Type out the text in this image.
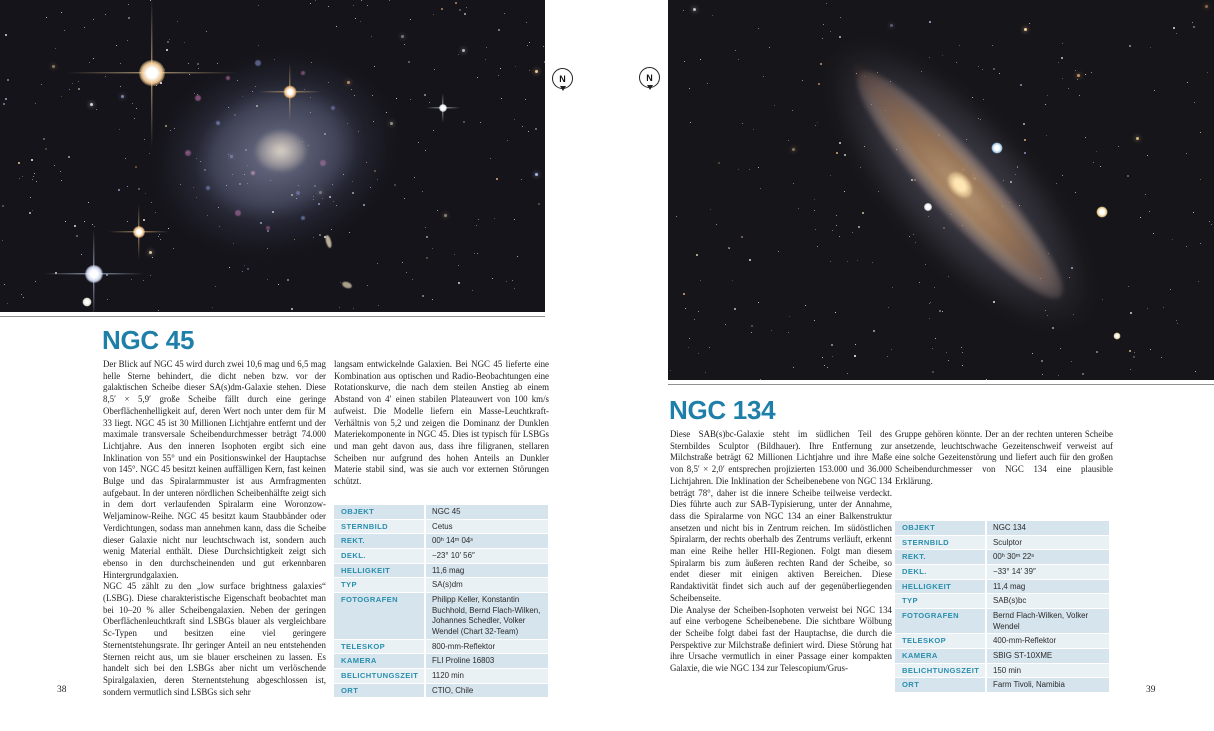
N	N
NGC 45

Der Blick auf NGC 45 wird durch zwei 10,6 mag und 6,5 mag helle Sterne behindert, die dicht neben bzw. vor der galaktischen Scheibe dieser SA(s)dm-Galaxie stehen. Diese 8,5′ × 5,9′ große Scheibe fällt durch eine geringe Oberflächenhelligkeit auf, deren Wert noch unter dem für M 33 liegt. NGC 45 ist 30 Millionen Lichtjahre entfernt und der maximale transversale Scheibendurchmesser beträgt 74.000 Lichtjahre. Aus den inneren Isophoten ergibt sich eine Inklination von 55° und ein Positionswinkel der Hauptachse von 145°. NGC 45 besitzt keinen auffälligen Kern, fast keinen Bulge und das Spiralarmmuster ist aus Armfragmenten aufgebaut. In der unteren nördlichen Scheibenhälfte zeigt sich in dem dort verlaufenden Spiralarm eine Woronzow-Weljaminow-Reihe. NGC 45 besitzt kaum Staubbänder oder Verdichtungen, sodass man annehmen kann, dass die Scheibe dieser Galaxie nicht nur leuchtschwach ist, sondern auch wenig Material enthält. Diese Durchsichtigkeit zeigt sich ebenso in den durchscheinenden und gut erkennbaren Hintergrundgalaxien.

NGC 45 zählt zu den „low surface brightness galaxies“ (LSBG). Diese charakteristische Eigenschaft beobachtet man bei 10–20 % aller Scheibengalaxien. Neben der geringen Oberflächenleuchtkraft sind LSBGs blauer als vergleichbare Sc-Typen und besitzen eine viel geringere Sternentstehungsrate. Ihr geringer Anteil an neu entstehenden Sternen reicht aus, um sie blauer erscheinen zu lassen. Es handelt sich bei den LSBGs aber nicht um verlöschende Spiralgalaxien, deren Sternentstehung abgeschlossen ist, sondern vermutlich sind LSBGs sich sehr

langsam entwickelnde Galaxien. Bei NGC 45 lieferte eine Kombination aus optischen und Radio-Beobachtungen eine Rotationskurve, die nach dem steilen Anstieg ab einem Abstand von 4′ einen stabilen Plateauwert von 100 km/s aufweist. Die Modelle liefern ein Masse-Leuchtkraft-Verhältnis von 5,2 und zeigen die Dominanz der Dunklen Materiekomponente in NGC 45. Dies ist typisch für LSBGs und man geht davon aus, dass ihre filigranen, stellaren Scheiben nur aufgrund des hohen Anteils an Dunkler Materie stabil sind, was sie auch vor externen Störungen schützt.

OBJEKT	NGC 45
STERNBILD	Cetus
REKT.	00ʰ 14ᵐ 04ˢ
DEKL.	−23° 10′ 56″
HELLIGKEIT	11,6 mag
TYP	SA(s)dm
FOTOGRAFEN	Philipp Keller, Konstantin Buchhold, Bernd Flach-Wilken, Johannes Schedler, Volker Wendel (Chart 32-Team)
TELESKOP	800-mm-Reflektor
KAMERA	FLI Proline 16803
BELICHTUNGSZEIT	1120 min
ORT	CTIO, Chile
38
NGC 134

Diese SAB(s)bc-Galaxie steht im südlichen Teil des Sternbildes Sculptor (Bildhauer). Ihre Entfernung zur Milchstraße beträgt 62 Millionen Lichtjahre und ihre Maße von 8,5′ × 2,0′ entsprechen projizierten 153.000 und 36.000 Lichtjahren. Die Inklination der Scheibenebene von NGC 134 beträgt 78°, daher ist die innere Scheibe teilweise verdeckt. Dies führte auch zur SAB-Typisierung, unter der Annahme, dass die Spiralarme von NGC 134 an einer Balkenstruktur ansetzen und nicht bis in Zentrum reichen. Im südöstlichen Spiralarm, der rechts oberhalb des Zentrums verläuft, erkennt man eine Reihe heller HII-Regionen. Folgt man diesem Spiralarm bis zum äußeren rechten Rand der Scheibe, so endet dieser mit einigen aktiven Bereichen. Diese Randaktivität findet sich auch auf der gegenüberliegenden Scheibenseite.

Die Analyse der Scheiben-Isophoten verweist bei NGC 134 auf eine verbogene Scheibenebene. Die sichtbare Wölbung der Scheibe folgt dabei fast der Hauptachse, die durch die Perspektive zur Milchstraße definiert wird. Diese Störung hat ihre Ursache vermutlich in einer Passage einer kompakten Galaxie, die wie NGC 134 zur Telescopium/Grus-

Gruppe gehören könnte. Der an der rechten unteren Scheibe ansetzende, leuchtschwache Gezeitenschweif verweist auf eine solche Gezeitenstörung und liefert auch für den großen Scheibendurchmesser von NGC 134 eine plausible Erklärung.

OBJEKT	NGC 134
STERNBILD	Sculptor
REKT.	00ʰ 30ᵐ 22ˢ
DEKL.	−33° 14′ 39″
HELLIGKEIT	11,4 mag
TYP	SAB(s)bc
FOTOGRAFEN	Bernd Flach-Wilken, Volker Wendel
TELESKOP	400-mm-Reflektor
KAMERA	SBIG ST-10XME
BELICHTUNGSZEIT	150 min
ORT	Farm Tivoli, Namibia
39
